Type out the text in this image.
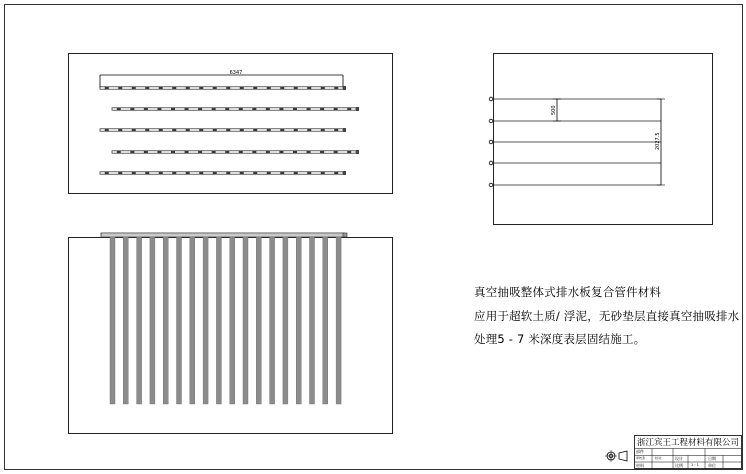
6347
500
2027.5
真空抽吸整体式排水板复合管件材料
应用于超软土质/ 浮泥，无砂垫层直接真空抽吸排水
处理5 - 7 米深度表层固结施工。
浙江宾王工程材料有限公司
部件
审核者	设计	日期
材料	比例 1 : 1 单位
校对
